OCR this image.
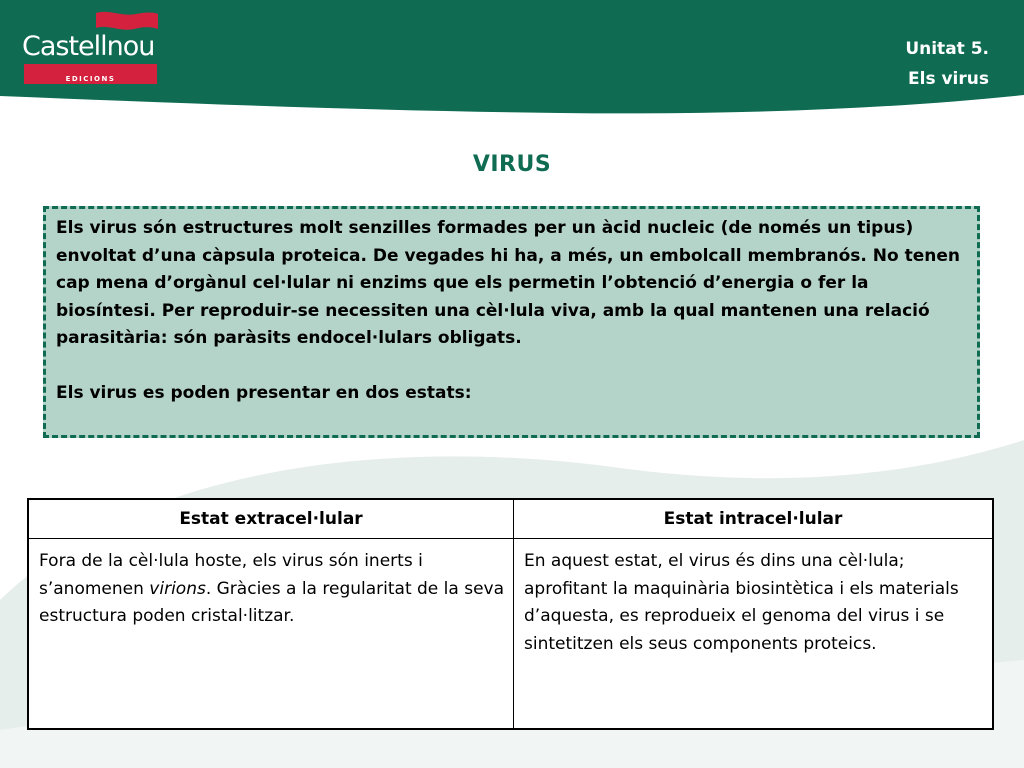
Castellnou
EDICIONS
Unitat 5.
Els virus
VIRUS

Els virus són estructures molt senzilles formades per un àcid nucleic (de només un tipus) envoltat d’una càpsula proteica. De vegades hi ha, a més, un embolcall membranós. No tenen cap mena d’orgànul cel·lular ni enzims que els permetin l’obtenció d’energia o fer la biosíntesi. Per reproduir-se necessiten una cèl·lula viva, amb la qual mantenen una relació parasitària: són paràsits endocel·lulars obligats.

Els virus es poden presentar en dos estats:

Estat extracel·lular	Estat intracel·lular
Fora de la cèl·lula hoste, els virus són inerts i s’anomenen virions. Gràcies a la regularitat de la seva estructura poden cristal·litzar.	En aquest estat, el virus és dins una cèl·lula; aprofitant la maquinària biosintètica i els materials d’aquesta, es reprodueix el genoma del virus i se sintetitzen els seus components proteics.
